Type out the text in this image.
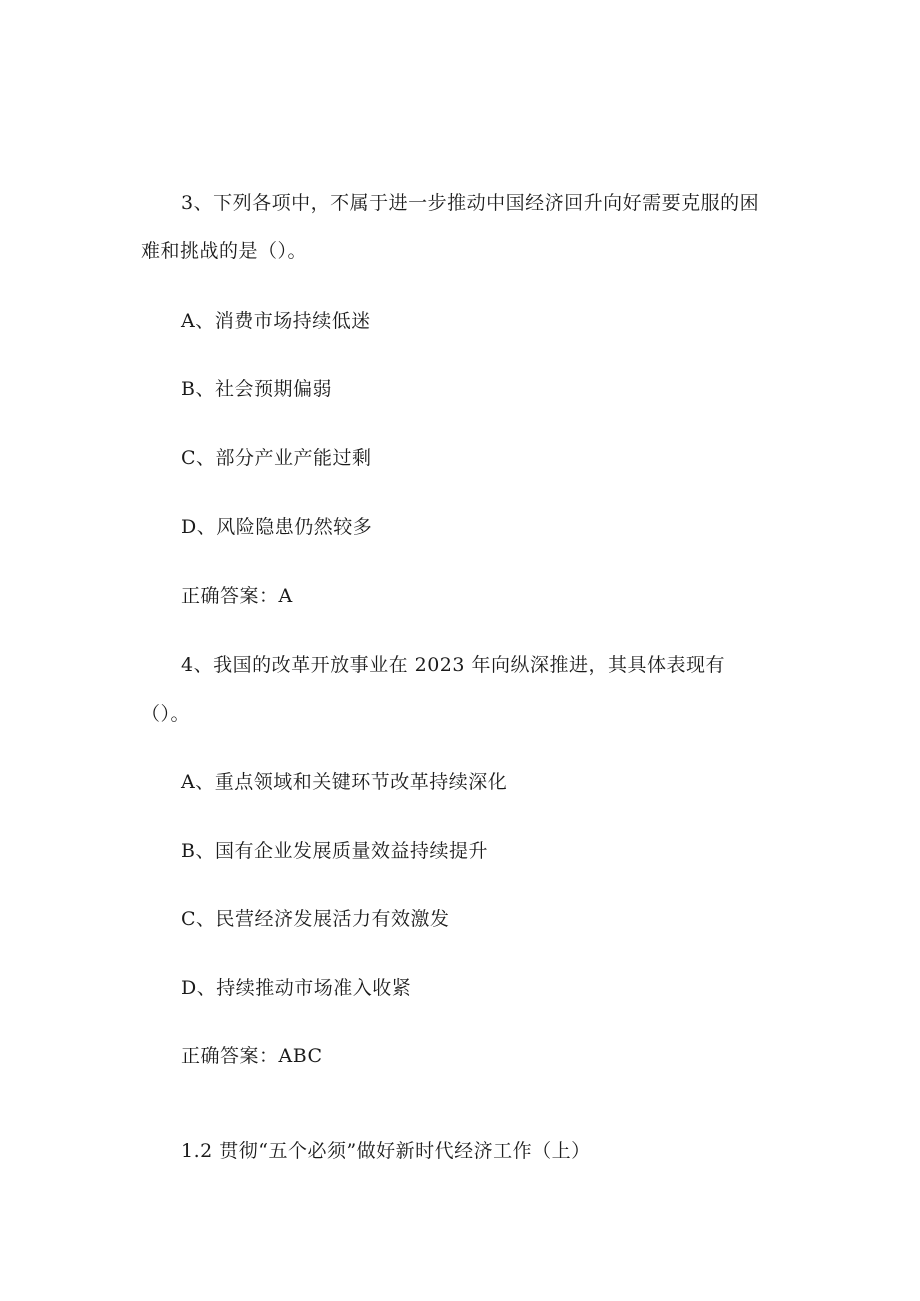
3、下列各项中，不属于进一步推动中国经济回升向好需要克服的困
难和挑战的是（）。
A、消费市场持续低迷
B、社会预期偏弱
C、部分产业产能过剩
D、风险隐患仍然较多
正确答案：A
4、我国的改革开放事业在 2023 年向纵深推进，其具体表现有
（）。
A、重点领域和关键环节改革持续深化
B、国有企业发展质量效益持续提升
C、民营经济发展活力有效激发
D、持续推动市场准入收紧
正确答案：ABC
1.2 贯彻“五个必须”做好新时代经济工作（上）
